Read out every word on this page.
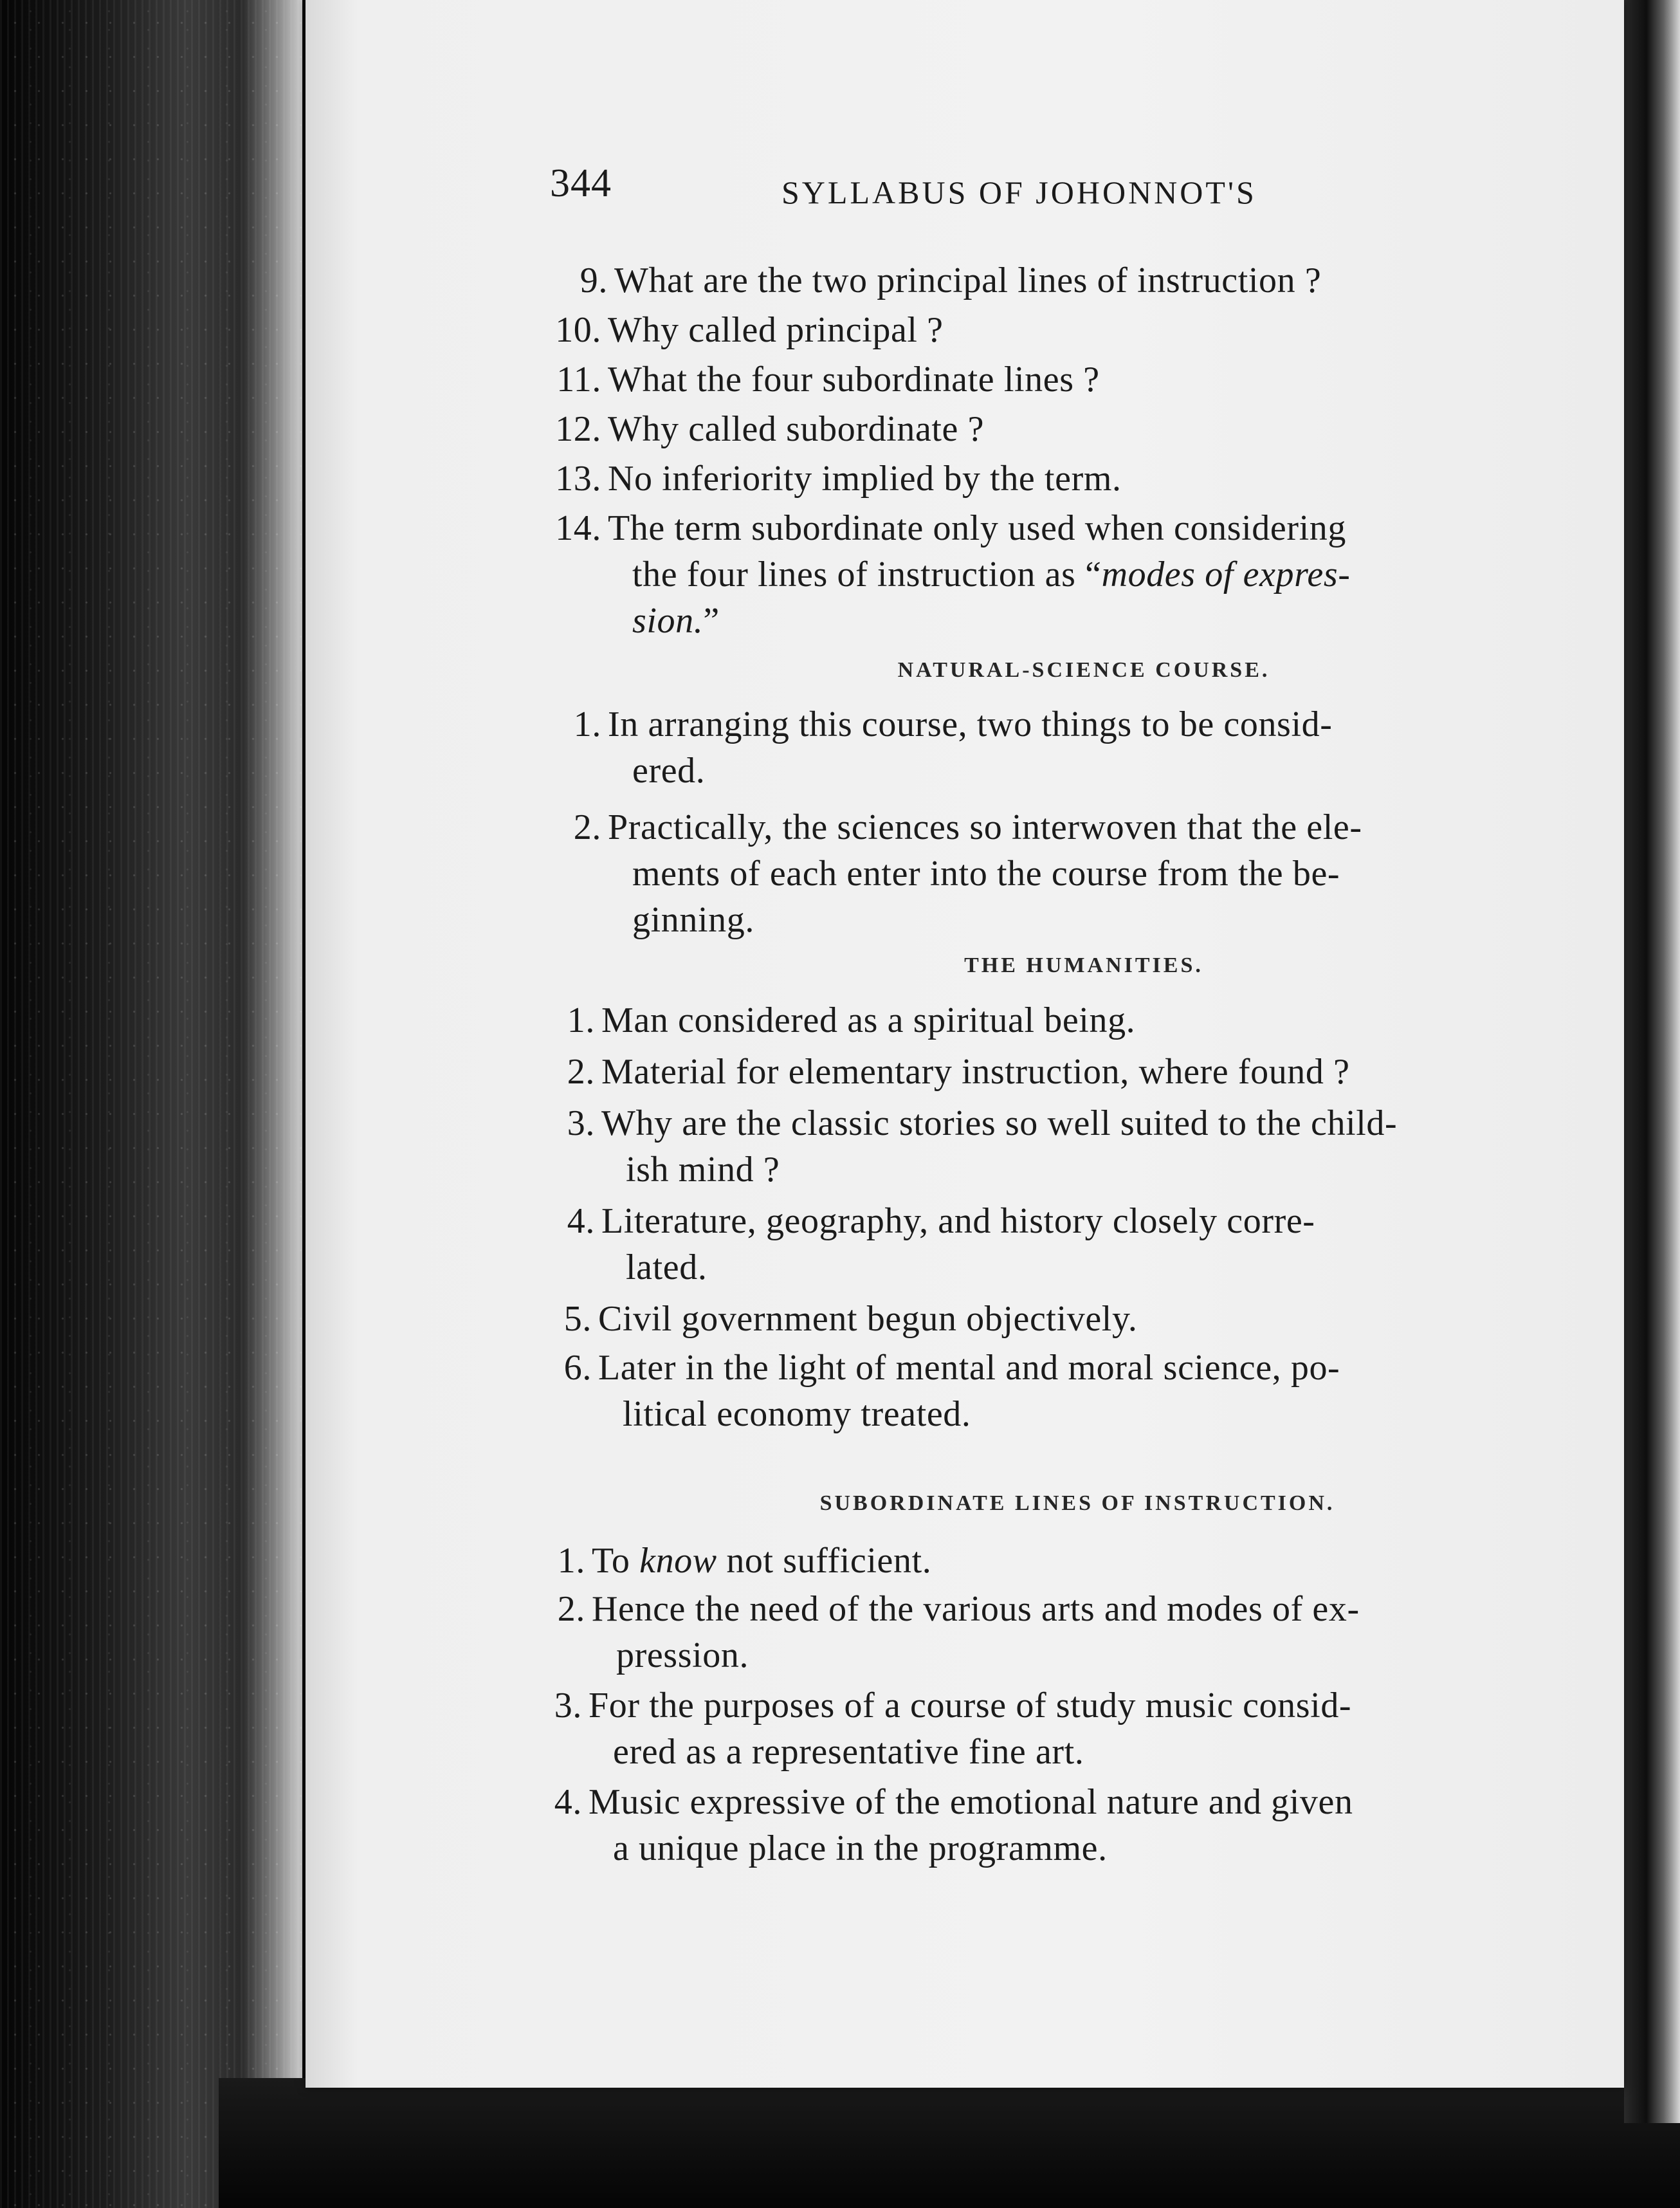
344	SYLLABUS OF JOHONNOT'S
9. What are the two principal lines of instruction ?
10. Why called principal ?
11. What the four subordinate lines ?
12. Why called subordinate ?
13. No inferiority implied by the term.
14. The term subordinate only used when considering
the four lines of instruction as “modes of expres-
sion.”
NATURAL-SCIENCE COURSE.
1. In arranging this course, two things to be consid-
ered.
2. Practically, the sciences so interwoven that the ele-
ments of each enter into the course from the be-
ginning.
THE HUMANITIES.
1. Man considered as a spiritual being.
2. Material for elementary instruction, where found ?
3. Why are the classic stories so well suited to the child-
ish mind ?
4. Literature, geography, and history closely corre-
lated.
5. Civil government begun objectively.
6. Later in the light of mental and moral science, po-
litical economy treated.
SUBORDINATE LINES OF INSTRUCTION.
1. To know not sufficient.
2. Hence the need of the various arts and modes of ex-
pression.
3. For the purposes of a course of study music consid-
ered as a representative fine art.
4. Music expressive of the emotional nature and given
a unique place in the programme.
